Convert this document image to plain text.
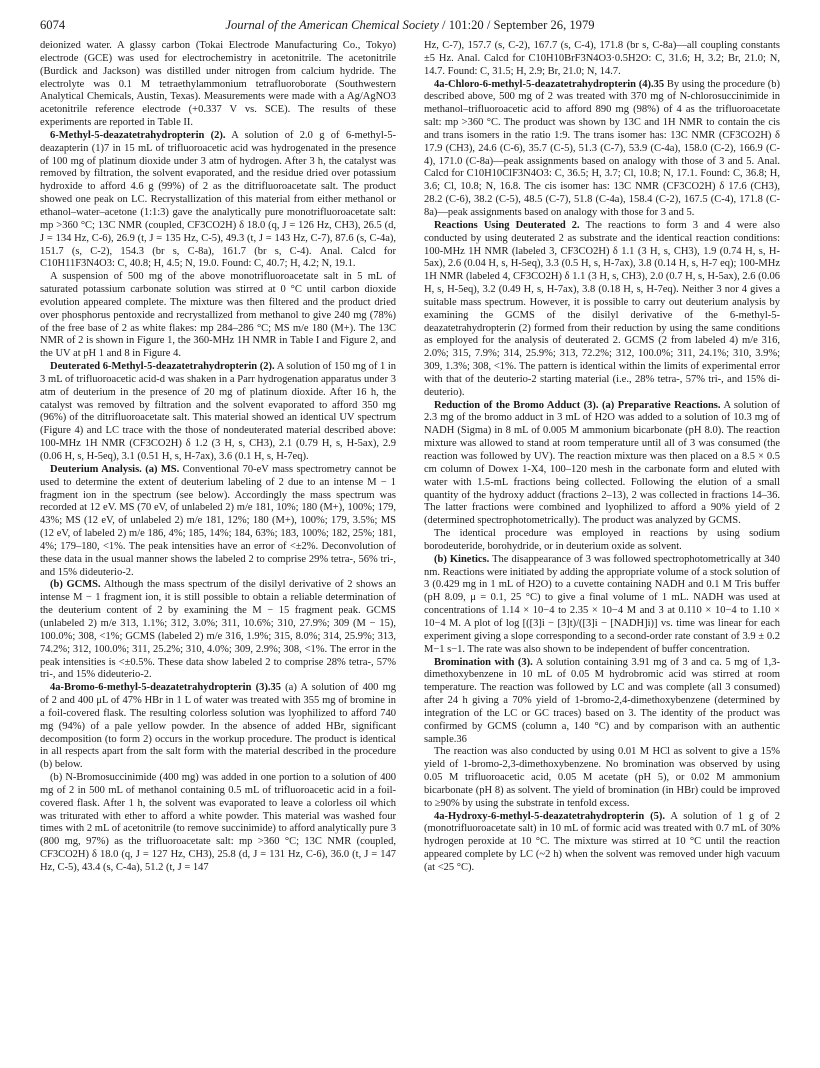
6074	Journal of the American Chemical Society / 101:20 / September 26, 1979

deionized water. A glassy carbon (Tokai Electrode Manufacturing Co., Tokyo) electrode (GCE) was used for electrochemistry in acetonitrile. The acetonitrile (Burdick and Jackson) was distilled under nitrogen from calcium hydride. The electrolyte was 0.1 M tetraethylammonium tetrafluoroborate (Southwestern Analytical Chemicals, Austin, Texas). Measurements were made with a Ag/AgNO3 acetonitrile reference electrode (+0.337 V vs. SCE). The results of these experiments are reported in Table II.

6-Methyl-5-deazatetrahydropterin (2). A solution of 2.0 g of 6-methyl-5-deazapterin (1)7 in 15 mL of trifluoroacetic acid was hydrogenated in the presence of 100 mg of platinum dioxide under 3 atm of hydrogen. After 3 h, the catalyst was removed by filtration, the solvent evaporated, and the residue dried over potassium hydroxide to afford 4.6 g (99%) of 2 as the ditrifluoroacetate salt. The product showed one peak on LC. Recrystallization of this material from either methanol or ethanol–water–acetone (1:1:3) gave the analytically pure monotrifluoroacetate salt: mp >360 °C; 13C NMR (coupled, CF3CO2H) δ 18.0 (q, J = 126 Hz, CH3), 26.5 (d, J = 134 Hz, C-6), 26.9 (t, J = 135 Hz, C-5), 49.3 (t, J = 143 Hz, C-7), 87.6 (s, C-4a), 151.7 (s, C-2), 154.3 (br s, C-8a), 161.7 (br s, C-4). Anal. Calcd for C10H11F3N4O3: C, 40.8; H, 4.5; N, 19.0. Found: C, 40.7; H, 4.2; N, 19.1.

A suspension of 500 mg of the above monotrifluoroacetate salt in 5 mL of saturated potassium carbonate solution was stirred at 0 °C until carbon dioxide evolution appeared complete. The mixture was then filtered and the product dried over phosphorus pentoxide and recrystallized from methanol to give 240 mg (78%) of the free base of 2 as white flakes: mp 284–286 °C; MS m/e 180 (M+). The 13C NMR of 2 is shown in Figure 1, the 360-MHz 1H NMR in Table I and Figure 2, and the UV at pH 1 and 8 in Figure 4.

Deuterated 6-Methyl-5-deazatetrahydropterin (2). A solution of 150 mg of 1 in 3 mL of trifluoroacetic acid-d was shaken in a Parr hydrogenation apparatus under 3 atm of deuterium in the presence of 20 mg of platinum dioxide. After 16 h, the catalyst was removed by filtration and the solvent evaporated to afford 350 mg (96%) of the ditrifluoroacetate salt. This material showed an identical UV spectrum (Figure 4) and LC trace with the those of nondeuterated material described above: 100-MHz 1H NMR (CF3CO2H) δ 1.2 (3 H, s, CH3), 2.1 (0.79 H, s, H-5ax), 2.9 (0.06 H, s, H-5eq), 3.1 (0.51 H, s, H-7ax), 3.6 (0.1 H, s, H-7eq).

Deuterium Analysis. (a) MS. Conventional 70-eV mass spectrometry cannot be used to determine the extent of deuterium labeling of 2 due to an intense M − 1 fragment ion in the spectrum (see below). Accordingly the mass spectrum was recorded at 12 eV. MS (70 eV, of unlabeled 2) m/e 181, 10%; 180 (M+), 100%; 179, 43%; MS (12 eV, of unlabeled 2) m/e 181, 12%; 180 (M+), 100%; 179, 3.5%; MS (12 eV, of labeled 2) m/e 186, 4%; 185, 14%; 184, 63%; 183, 100%; 182, 25%; 181, 4%; 179–180, <1%. The peak intensities have an error of <±2%. Deconvolution of these data in the usual manner shows the labeled 2 to comprise 29% tetra-, 56% tri-, and 15% dideuterio-2.

(b) GCMS. Although the mass spectrum of the disilyl derivative of 2 shows an intense M − 1 fragment ion, it is still possible to obtain a reliable determination of the deuterium content of 2 by examining the M − 15 fragment peak. GCMS (unlabeled 2) m/e 313, 1.1%; 312, 3.0%; 311, 10.6%; 310, 27.9%; 309 (M − 15), 100.0%; 308, <1%; GCMS (labeled 2) m/e 316, 1.9%; 315, 8.0%; 314, 25.9%; 313, 74.2%; 312, 100.0%; 311, 25.2%; 310, 4.0%; 309, 2.9%; 308, <1%. The error in the peak intensities is <±0.5%. These data show labeled 2 to comprise 28% tetra-, 57% tri-, and 15% dideuterio-2.

4a-Bromo-6-methyl-5-deazatetrahydropterin (3).35 (a) A solution of 400 mg of 2 and 400 μL of 47% HBr in 1 L of water was treated with 355 mg of bromine in a foil-covered flask. The resulting colorless solution was lyophilized to afford 740 mg (94%) of a pale yellow powder. In the absence of added HBr, significant decomposition (to form 2) occurs in the workup procedure. The product is identical in all respects apart from the salt form with the material described in the procedure (b) below.

(b) N-Bromosuccinimide (400 mg) was added in one portion to a solution of 400 mg of 2 in 500 mL of methanol containing 0.5 mL of trifluoroacetic acid in a foil-covered flask. After 1 h, the solvent was evaporated to leave a colorless oil which was triturated with ether to afford a white powder. This material was washed four times with 2 mL of acetonitrile (to remove succinimide) to afford analytically pure 3 (800 mg, 97%) as the trifluoroacetate salt: mp >360 °C; 13C NMR (coupled, CF3CO2H) δ 18.0 (q, J = 127 Hz, CH3), 25.8 (d, J = 131 Hz, C-6), 36.0 (t, J = 147 Hz, C-5), 43.4 (s, C-4a), 51.2 (t, J = 147

Hz, C-7), 157.7 (s, C-2), 167.7 (s, C-4), 171.8 (br s, C-8a)—all coupling constants ±5 Hz. Anal. Calcd for C10H10BrF3N4O3·0.5H2O: C, 31.6; H, 3.2; Br, 21.0; N, 14.7. Found: C, 31.5; H, 2.9; Br, 21.0; N, 14.7.

4a-Chloro-6-methyl-5-deazatetrahydropterin (4).35 By using the procedure (b) described above, 500 mg of 2 was treated with 370 mg of N-chlorosuccinimide in methanol–trifluoroacetic acid to afford 890 mg (98%) of 4 as the trifluoroacetate salt: mp >360 °C. The product was shown by 13C and 1H NMR to contain the cis and trans isomers in the ratio 1:9. The trans isomer has: 13C NMR (CF3CO2H) δ 17.9 (CH3), 24.6 (C-6), 35.7 (C-5), 51.3 (C-7), 53.9 (C-4a), 158.0 (C-2), 166.9 (C-4), 171.0 (C-8a)—peak assignments based on analogy with those of 3 and 5. Anal. Calcd for C10H10ClF3N4O3: C, 36.5; H, 3.7; Cl, 10.8; N, 17.1. Found: C, 36.8; H, 3.6; Cl, 10.8; N, 16.8. The cis isomer has: 13C NMR (CF3CO2H) δ 17.6 (CH3), 28.2 (C-6), 38.2 (C-5), 48.5 (C-7), 51.8 (C-4a), 158.4 (C-2), 167.5 (C-4), 171.8 (C-8a)—peak assignments based on analogy with those for 3 and 5.

Reactions Using Deuterated 2. The reactions to form 3 and 4 were also conducted by using deuterated 2 as substrate and the identical reaction conditions: 100-MHz 1H NMR (labeled 3, CF3CO2H) δ 1.1 (3 H, s, CH3), 1.9 (0.74 H, s, H-5ax), 2.6 (0.04 H, s, H-5eq), 3.3 (0.5 H, s, H-7ax), 3.8 (0.14 H, s, H-7 eq); 100-MHz 1H NMR (labeled 4, CF3CO2H) δ 1.1 (3 H, s, CH3), 2.0 (0.7 H, s, H-5ax), 2.6 (0.06 H, s, H-5eq), 3.2 (0.49 H, s, H-7ax), 3.8 (0.18 H, s, H-7eq). Neither 3 nor 4 gives a suitable mass spectrum. However, it is possible to carry out deuterium analysis by examining the GCMS of the disilyl derivative of the 6-methyl-5-deazatetrahydropterin (2) formed from their reduction by using the same conditions as employed for the analysis of deuterated 2. GCMS (2 from labeled 4) m/e 316, 2.0%; 315, 7.9%; 314, 25.9%; 313, 72.2%; 312, 100.0%; 311, 24.1%; 310, 3.9%; 309, 1.3%; 308, <1%. The pattern is identical within the limits of experimental error with that of the deuterio-2 starting material (i.e., 28% tetra-, 57% tri-, and 15% di-deuterio).

Reduction of the Bromo Adduct (3). (a) Preparative Reactions. A solution of 2.3 mg of the bromo adduct in 3 mL of H2O was added to a solution of 10.3 mg of NADH (Sigma) in 8 mL of 0.005 M ammonium bicarbonate (pH 8.0). The reaction mixture was allowed to stand at room temperature until all of 3 was consumed (the reaction was followed by UV). The reaction mixture was then placed on a 8.5 × 0.5 cm column of Dowex 1-X4, 100–120 mesh in the carbonate form and eluted with water with 1.5-mL fractions being collected. Following the elution of a small quantity of the hydroxy adduct (fractions 2–13), 2 was collected in fractions 14–36. The latter fractions were combined and lyophilized to afford a 90% yield of 2 (determined spectrophotometrically). The product was analyzed by GCMS.

The identical procedure was employed in reactions by using sodium borodeuteride, borohydride, or in deuterium oxide as solvent.

(b) Kinetics. The disappearance of 3 was followed spectrophotometrically at 340 nm. Reactions were initiated by adding the appropriate volume of a stock solution of 3 (0.429 mg in 1 mL of H2O) to a cuvette containing NADH and 0.1 M Tris buffer (pH 8.09, μ = 0.1, 25 °C) to give a final volume of 1 mL. NADH was used at concentrations of 1.14 × 10−4 to 2.35 × 10−4 M and 3 at 0.110 × 10−4 to 1.10 × 10−4 M. A plot of log [([3]i − [3]t)/([3]i − [NADH]i)] vs. time was linear for each experiment giving a slope corresponding to a second-order rate constant of 3.9 ± 0.2 M−1 s−1. The rate was also shown to be independent of buffer concentration.

Bromination with (3). A solution containing 3.91 mg of 3 and ca. 5 mg of 1,3-dimethoxybenzene in 10 mL of 0.05 M hydrobromic acid was stirred at room temperature. The reaction was followed by LC and was complete (all 3 consumed) after 24 h giving a 70% yield of 1-bromo-2,4-dimethoxybenzene (determined by integration of the LC or GC traces) based on 3. The identity of the product was confirmed by GCMS (column a, 140 °C) and by comparison with an authentic sample.36

The reaction was also conducted by using 0.01 M HCl as solvent to give a 15% yield of 1-bromo-2,3-dimethoxybenzene. No bromination was observed by using 0.05 M trifluoroacetic acid, 0.05 M acetate (pH 5), or 0.02 M ammonium bicarbonate (pH 8) as solvent. The yield of bromination (in HBr) could be improved to ≥90% by using the substrate in tenfold excess.

4a-Hydroxy-6-methyl-5-deazatetrahydropterin (5). A solution of 1 g of 2 (monotrifluoroacetate salt) in 10 mL of formic acid was treated with 0.7 mL of 30% hydrogen peroxide at 10 °C. The mixture was stirred at 10 °C until the reaction appeared complete by LC (~2 h) when the solvent was removed under high vacuum (at <25 °C).
